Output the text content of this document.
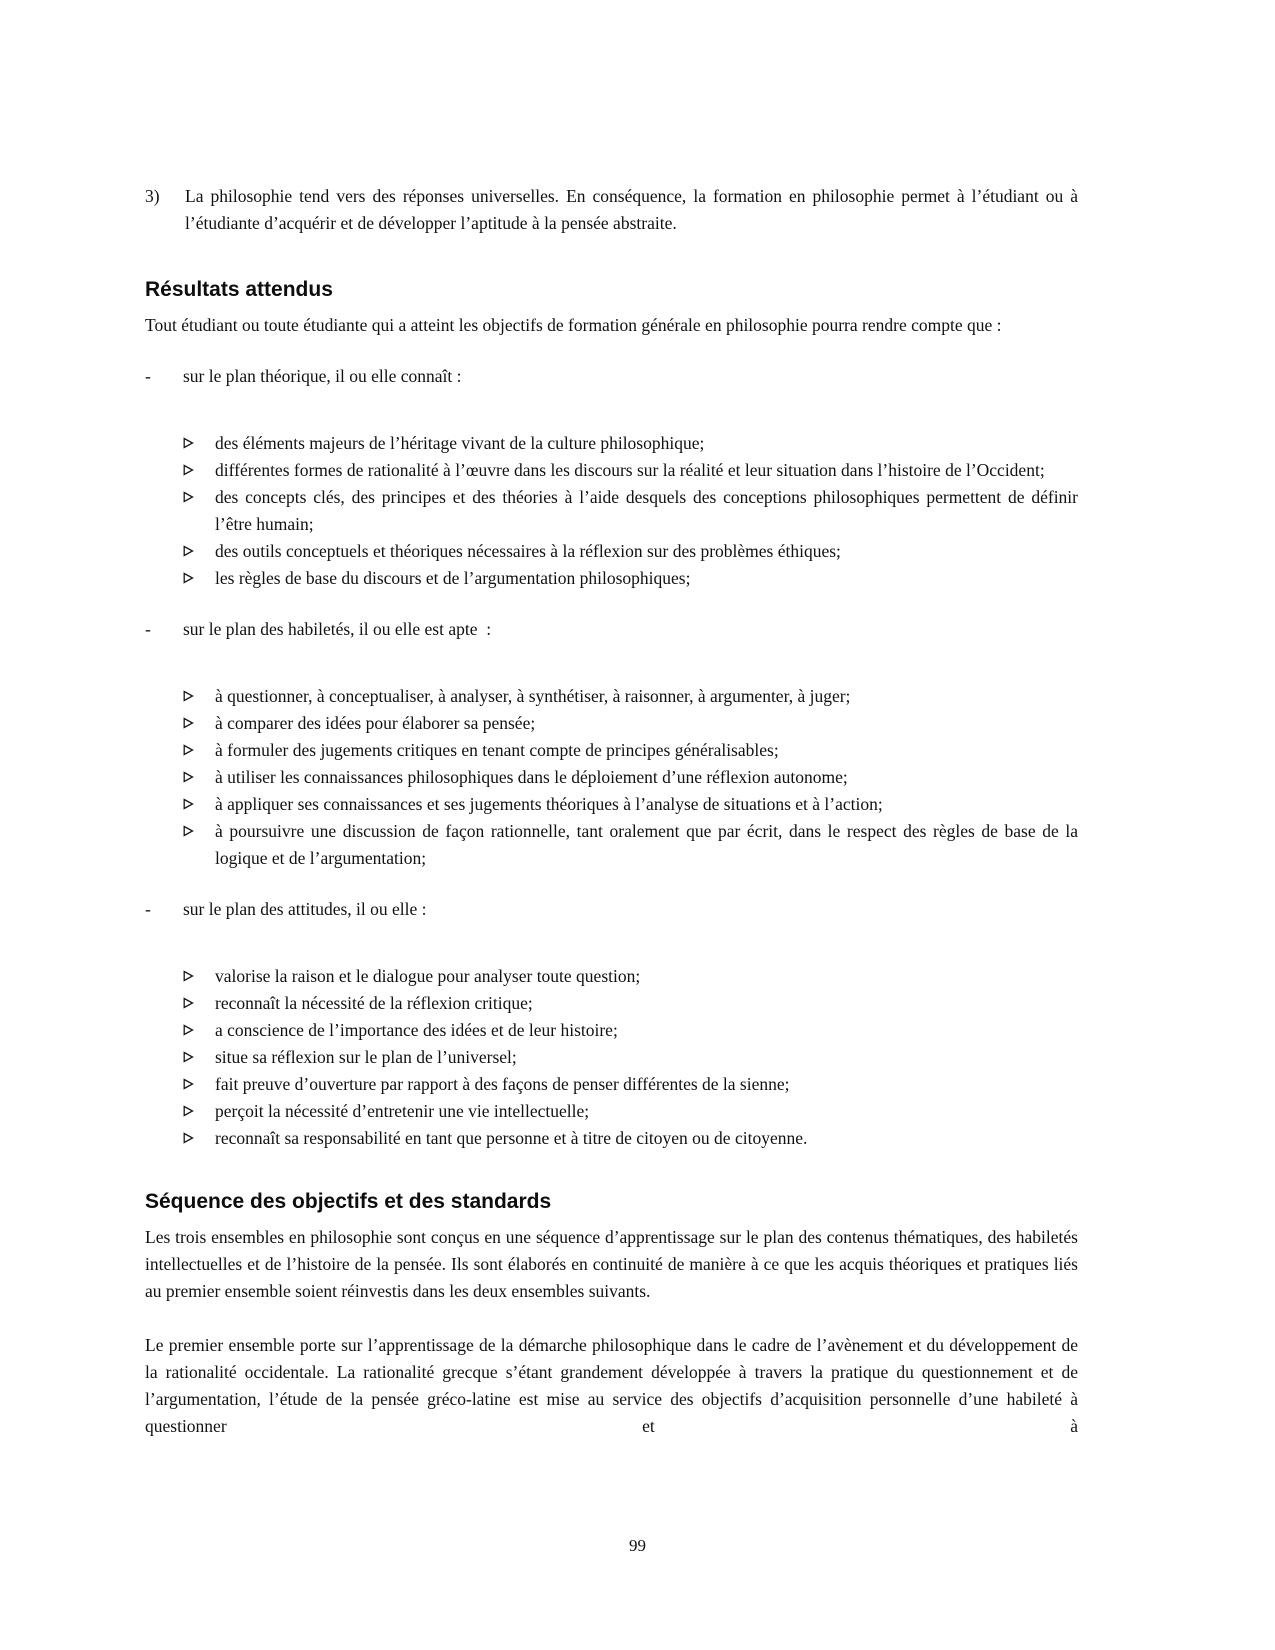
3)	La philosophie tend vers des réponses universelles. En conséquence, la formation en philosophie permet à l’étudiant ou à l’étudiante d’acquérir et de développer l’aptitude à la pensée abstraite.
Résultats attendus

Tout étudiant ou toute étudiante qui a atteint les objectifs de formation générale en philosophie pourra rendre compte que :

-	sur le plan théorique, il ou elle connaît :
des éléments majeurs de l’héritage vivant de la culture philosophique;
différentes formes de rationalité à l’œuvre dans les discours sur la réalité et leur situation dans l’histoire de l’Occident;
des concepts clés, des principes et des théories à l’aide desquels des conceptions philosophiques permettent de définir l’être humain;
des outils conceptuels et théoriques nécessaires à la réflexion sur des problèmes éthiques;
les règles de base du discours et de l’argumentation philosophiques;
-	sur le plan des habiletés, il ou elle est apte  :
à questionner, à conceptualiser, à analyser, à synthétiser, à raisonner, à argumenter, à juger;
à comparer des idées pour élaborer sa pensée;
à formuler des jugements critiques en tenant compte de principes généralisables;
à utiliser les connaissances philosophiques dans le déploiement d’une réflexion autonome;
à appliquer ses connaissances et ses jugements théoriques à l’analyse de situations et à l’action;
à poursuivre une discussion de façon rationnelle, tant oralement que par écrit, dans le respect des règles de base de la logique et de l’argumentation;
-	sur le plan des attitudes, il ou elle :
valorise la raison et le dialogue pour analyser toute question;
reconnaît la nécessité de la réflexion critique;
a conscience de l’importance des idées et de leur histoire;
situe sa réflexion sur le plan de l’universel;
fait preuve d’ouverture par rapport à des façons de penser différentes de la sienne;
perçoit la nécessité d’entretenir une vie intellectuelle;
reconnaît sa responsabilité en tant que personne et à titre de citoyen ou de citoyenne.
Séquence des objectifs et des standards

Les trois ensembles en philosophie sont conçus en une séquence d’apprentissage sur le plan des contenus thématiques, des habiletés intellectuelles et de l’histoire de la pensée. Ils sont élaborés en continuité de manière à ce que les acquis théoriques et pratiques liés au premier ensemble soient réinvestis dans les deux ensembles suivants.

Le premier ensemble porte sur l’apprentissage de la démarche philosophique dans le cadre de l’avènement et du développement de la rationalité occidentale. La rationalité grecque s’étant grandement développée à travers la pratique du questionnement et de l’argumentation, l’étude de la pensée gréco-latine est mise au service des objectifs d’acquisition personnelle d’une habileté à questionner et à

99
